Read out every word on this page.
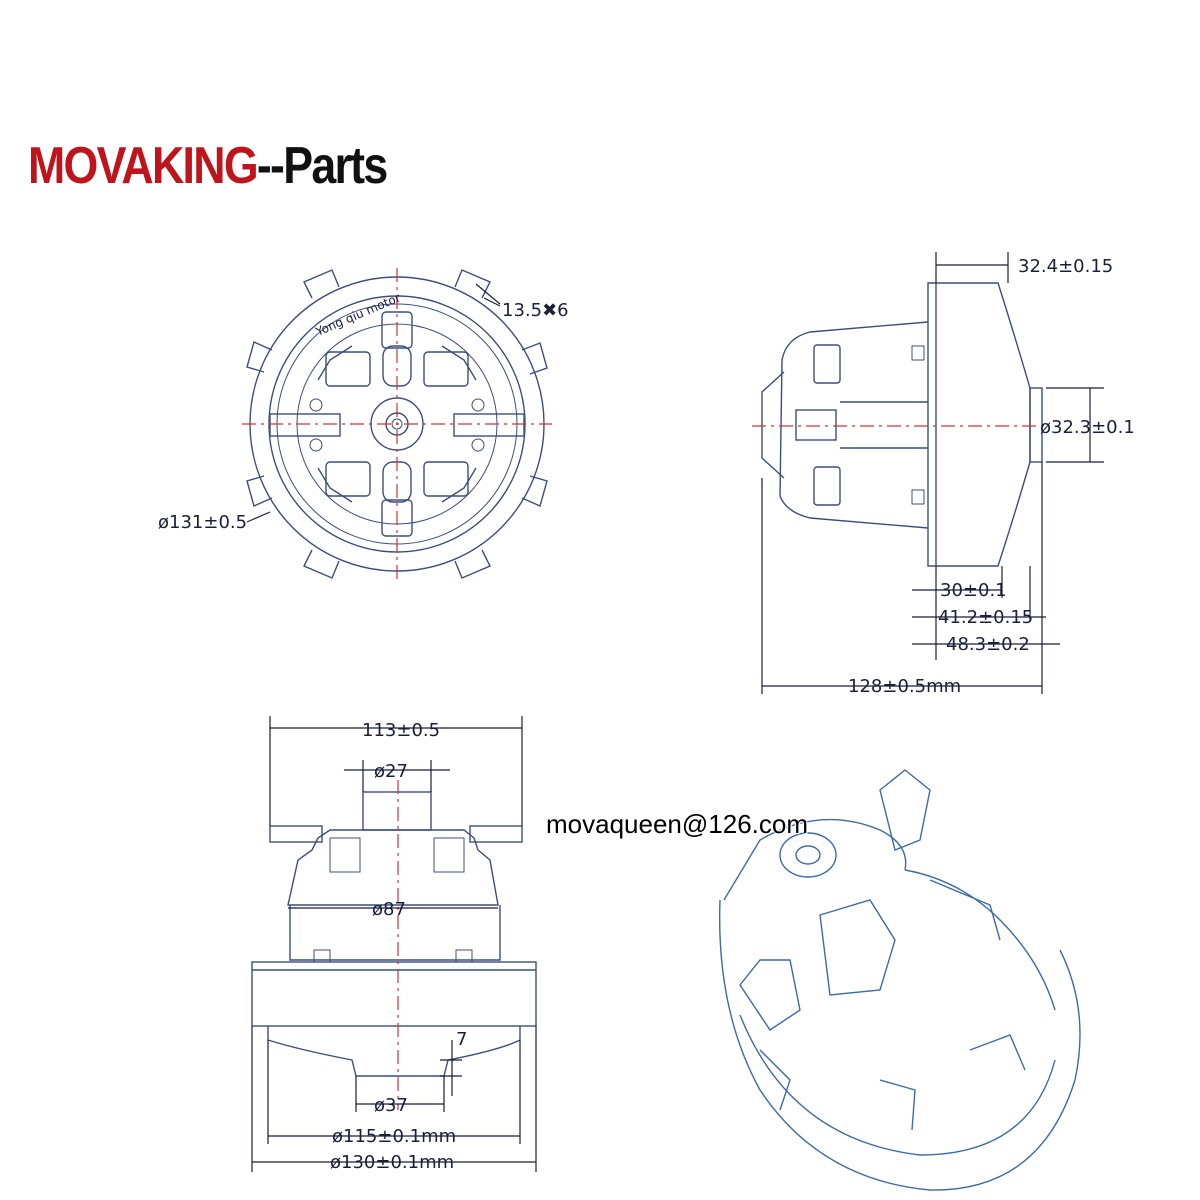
Yong qiu motor	13.5✖6
ø131±0.5
32.4±0.15
ø32.3±0.1
30±0.1
41.2±0.15
48.3±0.2
128±0.5mm
113±0.5
ø27
ø87
7
ø37
ø115±0.1mm
ø130±0.1mm
MOVAKING--Parts
movaqueen@126.com
